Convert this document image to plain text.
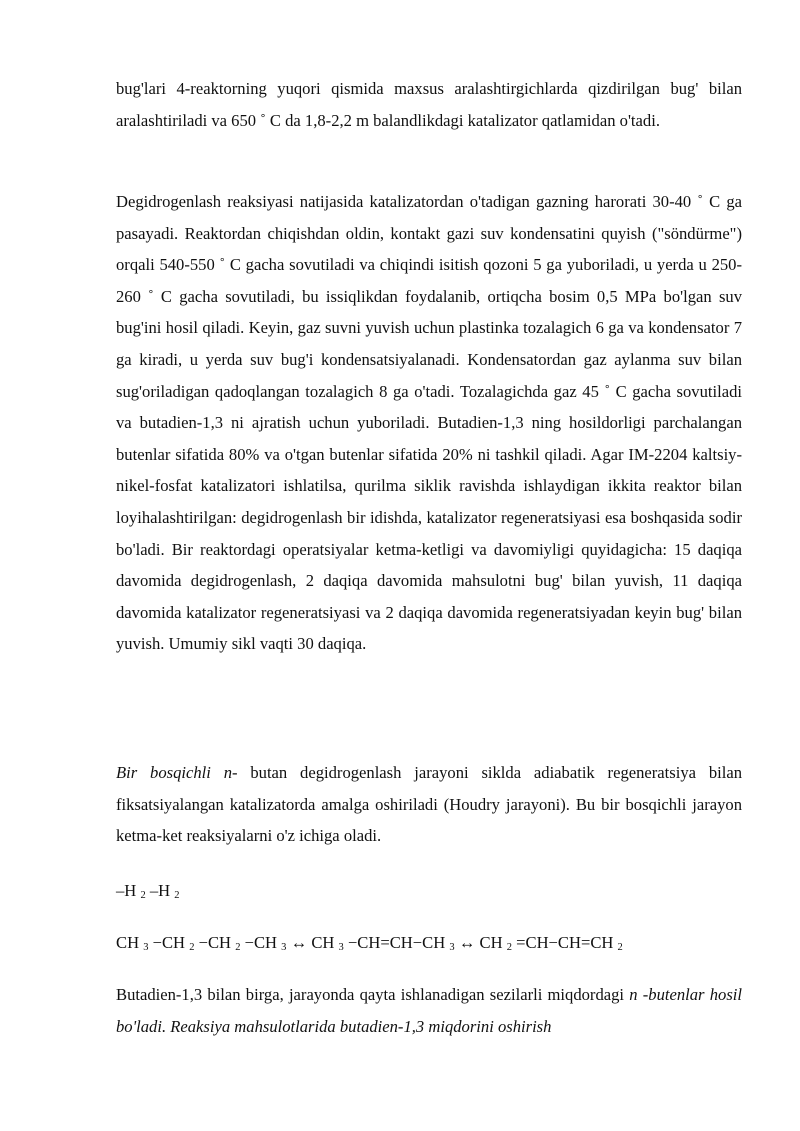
bug'lari 4-reaktorning yuqori qismida maxsus aralashtirgichlarda qizdirilgan bug' bilan aralashtiriladi va 650 ˚ C da 1,8-2,2 m balandlikdagi katalizator qatlamidan o'tadi.

Degidrogenlash reaksiyasi natijasida katalizatordan o'tadigan gazning harorati 30-40 ˚ C ga pasayadi. Reaktordan chiqishdan oldin, kontakt gazi suv kondensatini quyish ("söndürme") orqali 540-550 ˚ C gacha sovutiladi va chiqindi isitish qozoni 5 ga yuboriladi, u yerda u 250-260 ˚ C gacha sovutiladi, bu issiqlikdan foydalanib, ortiqcha bosim 0,5 MPa bo'lgan suv bug'ini hosil qiladi. Keyin, gaz suvni yuvish uchun plastinka tozalagich 6 ga va kondensator 7 ga kiradi, u yerda suv bug'i kondensatsiyalanadi. Kondensatordan gaz aylanma suv bilan sug'oriladigan qadoqlangan tozalagich 8 ga o'tadi. Tozalagichda gaz 45 ˚ C gacha sovutiladi va butadien-1,3 ni ajratish uchun yuboriladi. Butadien-1,3 ning hosildorligi parchalangan butenlar sifatida 80% va o'tgan butenlar sifatida 20% ni tashkil qiladi. Agar IM-2204 kaltsiy-nikel-fosfat katalizatori ishlatilsa, qurilma siklik ravishda ishlaydigan ikkita reaktor bilan loyihalashtirilgan: degidrogenlash bir idishda, katalizator regeneratsiyasi esa boshqasida sodir bo'ladi. Bir reaktordagi operatsiyalar ketma-ketligi va davomiyligi quyidagicha: 15 daqiqa davomida degidrogenlash, 2 daqiqa davomida mahsulotni bug' bilan yuvish, 11 daqiqa davomida katalizator regeneratsiyasi va 2 daqiqa davomida regeneratsiyadan keyin bug' bilan yuvish. Umumiy sikl vaqti 30 daqiqa.

Bir bosqichli n- butan degidrogenlash jarayoni siklda adiabatik regeneratsiya bilan fiksatsiyalangan katalizatorda amalga oshiriladi (Houdry jarayoni). Bu bir bosqichli jarayon ketma-ket reaksiyalarni o'z ichiga oladi.

–H 2 –H 2

CH 3 −CH 2 −CH 2 −CH 3 ↔ CH 3 −CH=CH−CH 3 ↔ CH 2 =CH−CH=CH 2

Butadien-1,3 bilan birga, jarayonda qayta ishlanadigan sezilarli miqdordagi n -butenlar hosil bo'ladi. Reaksiya mahsulotlarida butadien-1,3 miqdorini oshirish
